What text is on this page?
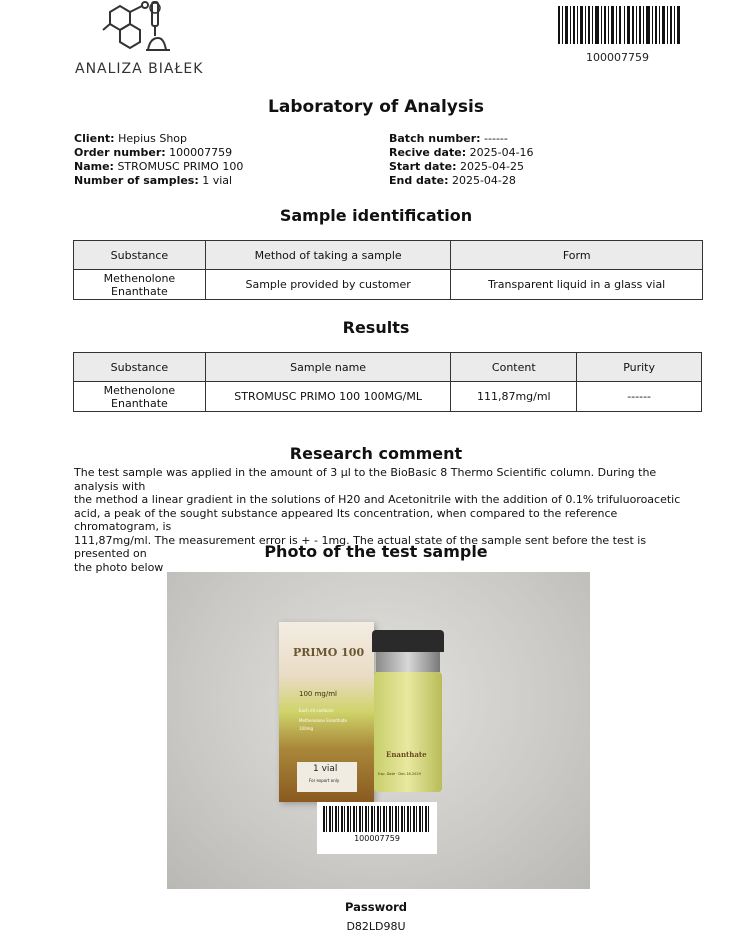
ANALIZA BIAŁEK
100007759
Laboratory of Analysis
Client: Hepius Shop
Order number: 100007759
Name: STROMUSC PRIMO 100
Number of samples: 1 vial
Batch number: ------
Recive date: 2025-04-16
Start date: 2025-04-25
End date: 2025-04-28
Sample identification
Substance	Method of taking a sample	Form
Methenolone Enanthate	Sample provided by customer	Transparent liquid in a glass vial
Results
Substance	Sample name	Content	Purity
Methenolone Enanthate	STROMUSC PRIMO 100 100MG/ML	111,87mg/ml	------
Research comment
The test sample was applied in the amount of 3 µl to the BioBasic 8 Thermo Scientific column. During the analysis with
the method a linear gradient in the solutions of H20 and Acetonitrile with the addition of 0.1% trifuluoroacetic
acid, a peak of the sought substance appeared Its concentration, when compared to the reference chromatogram, is
111,87mg/ml. The measurement error is + - 1mg. The actual state of the sample sent before the test is presented on
the photo below
Photo of the test sample
PRIMO 100
100 mg/ml
Each ml contains:
Methenolone Enanthate
100mg
1 vial
For export only
Enanthate
Exp. Date · Dec.16.2029
100007759
Password
D82LD98U
